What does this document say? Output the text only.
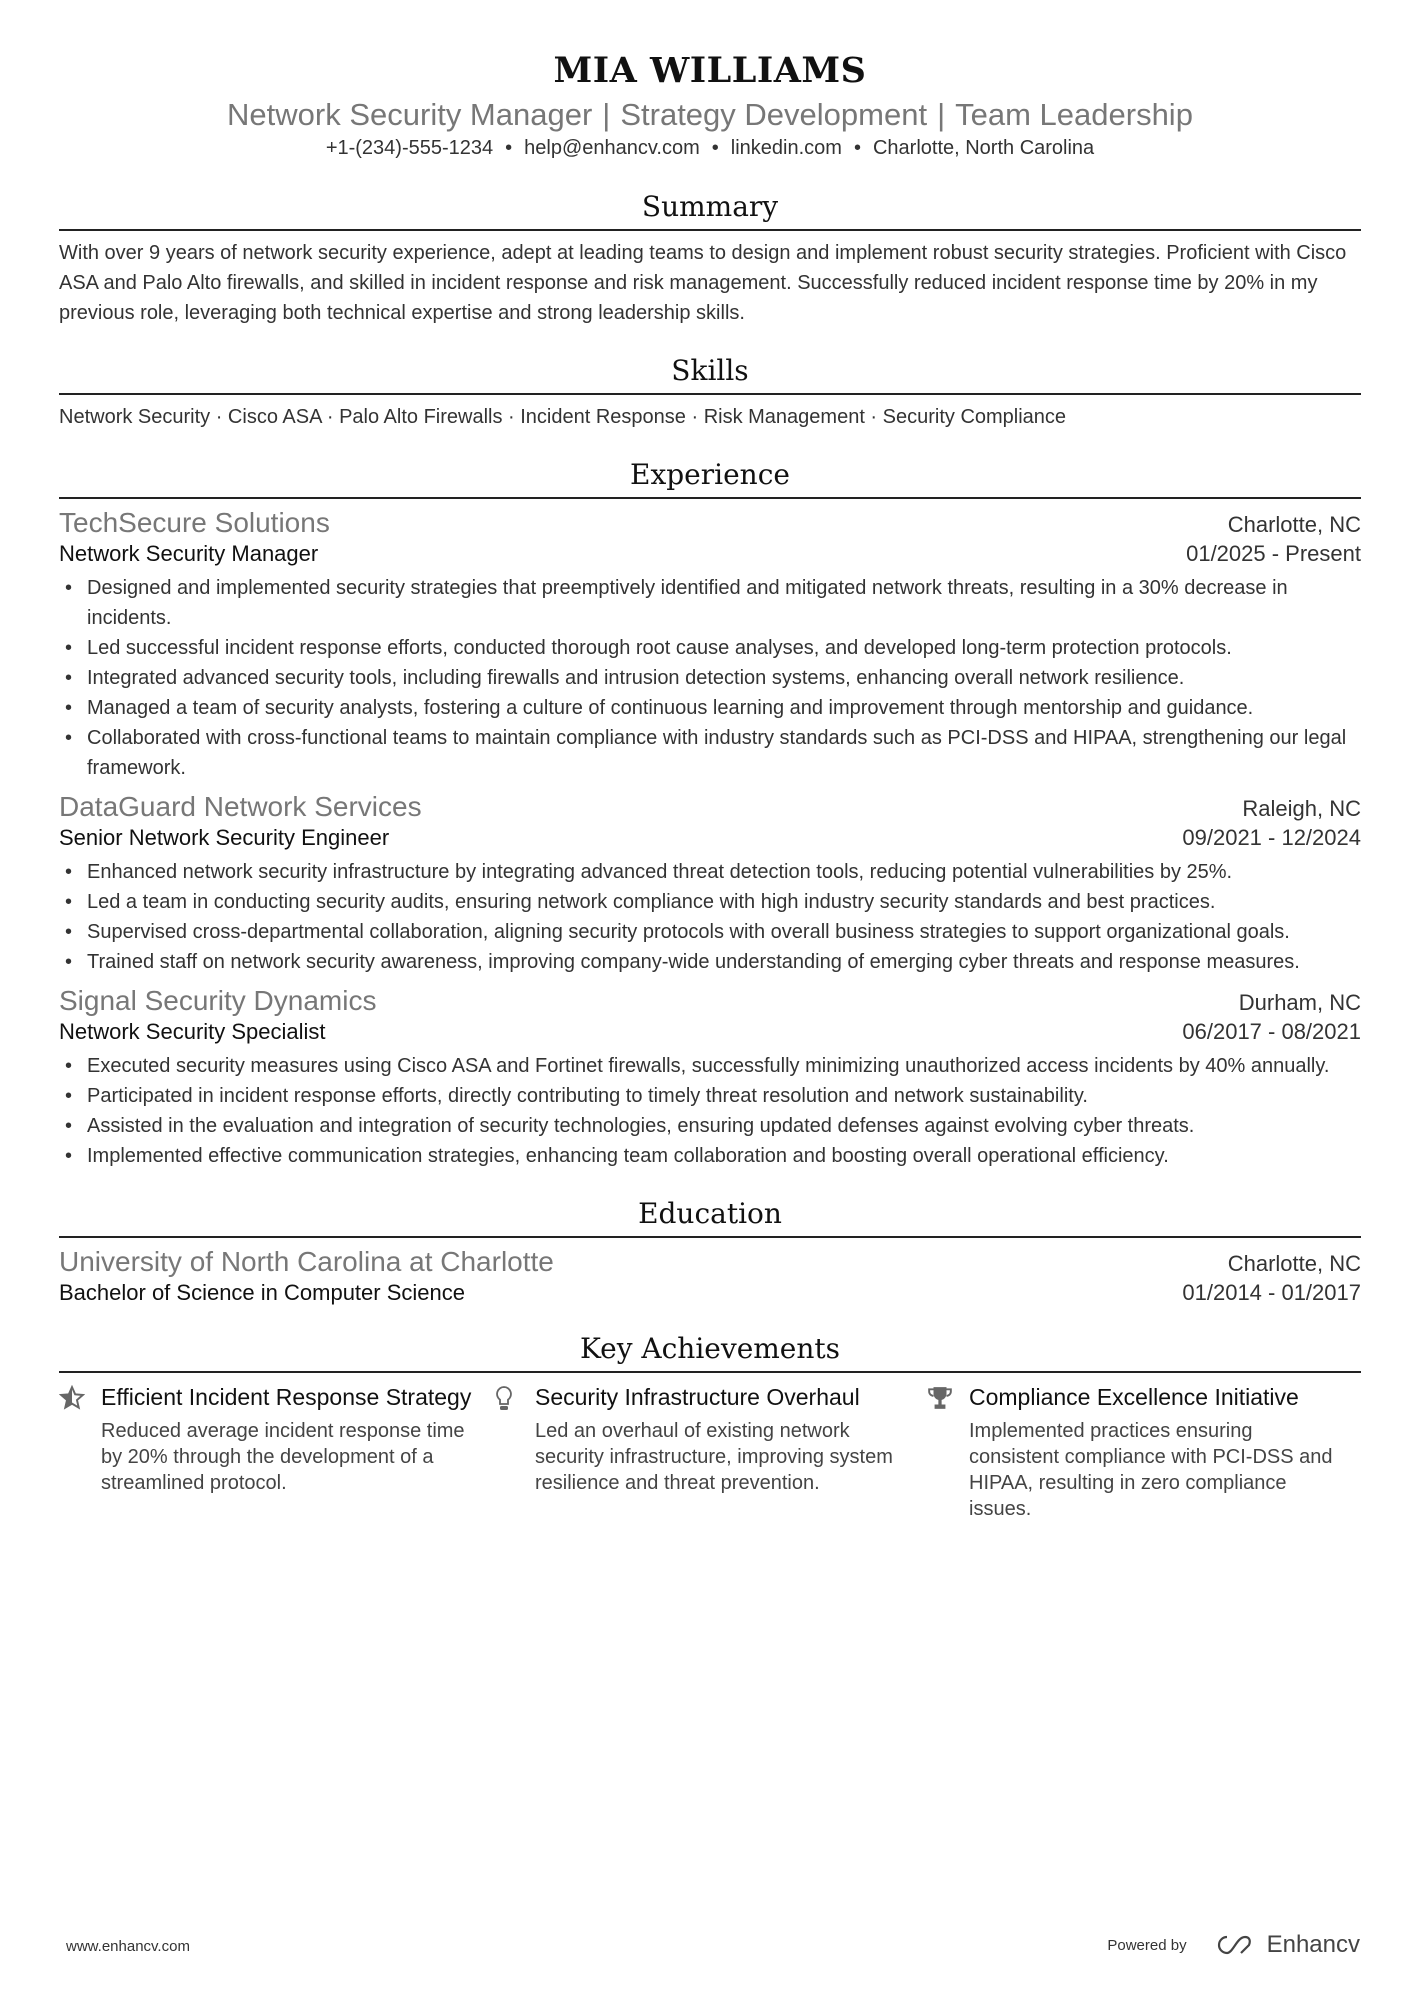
MIA WILLIAMS
Network Security Manager | Strategy Development | Team Leadership
+1-(234)-555-1234 • help@enhancv.com • linkedin.com • Charlotte, North Carolina
Summary
With over 9 years of network security experience, adept at leading teams to design and implement robust security strategies. Proficient with Cisco ASA and Palo Alto firewalls, and skilled in incident response and risk management. Successfully reduced incident response time by 20% in my previous role, leveraging both technical expertise and strong leadership skills.
Skills
Network Security · Cisco ASA · Palo Alto Firewalls · Incident Response · Risk Management · Security Compliance
Experience
TechSecure Solutions	Charlotte, NC
Network Security Manager	01/2025 - Present
• Designed and implemented security strategies that preemptively identified and mitigated network threats, resulting in a 30% decrease in incidents.
• Led successful incident response efforts, conducted thorough root cause analyses, and developed long-term protection protocols.
• Integrated advanced security tools, including firewalls and intrusion detection systems, enhancing overall network resilience.
• Managed a team of security analysts, fostering a culture of continuous learning and improvement through mentorship and guidance.
• Collaborated with cross-functional teams to maintain compliance with industry standards such as PCI-DSS and HIPAA, strengthening our legal framework.
DataGuard Network Services	Raleigh, NC
Senior Network Security Engineer	09/2021 - 12/2024
• Enhanced network security infrastructure by integrating advanced threat detection tools, reducing potential vulnerabilities by 25%.
• Led a team in conducting security audits, ensuring network compliance with high industry security standards and best practices.
• Supervised cross-departmental collaboration, aligning security protocols with overall business strategies to support organizational goals.
• Trained staff on network security awareness, improving company-wide understanding of emerging cyber threats and response measures.
Signal Security Dynamics	Durham, NC
Network Security Specialist	06/2017 - 08/2021
• Executed security measures using Cisco ASA and Fortinet firewalls, successfully minimizing unauthorized access incidents by 40% annually.
• Participated in incident response efforts, directly contributing to timely threat resolution and network sustainability.
• Assisted in the evaluation and integration of security technologies, ensuring updated defenses against evolving cyber threats.
• Implemented effective communication strategies, enhancing team collaboration and boosting overall operational efficiency.
Education
University of North Carolina at Charlotte	Charlotte, NC
Bachelor of Science in Computer Science	01/2014 - 01/2017
Key Achievements
Efficient Incident Response Strategy
Reduced average incident response time by 20% through the development of a streamlined protocol.
Security Infrastructure Overhaul
Led an overhaul of existing network security infrastructure, improving system resilience and threat prevention.
Compliance Excellence Initiative
Implemented practices ensuring consistent compliance with PCI-DSS and HIPAA, resulting in zero compliance issues.
www.enhancv.com	Powered by	Enhancv
